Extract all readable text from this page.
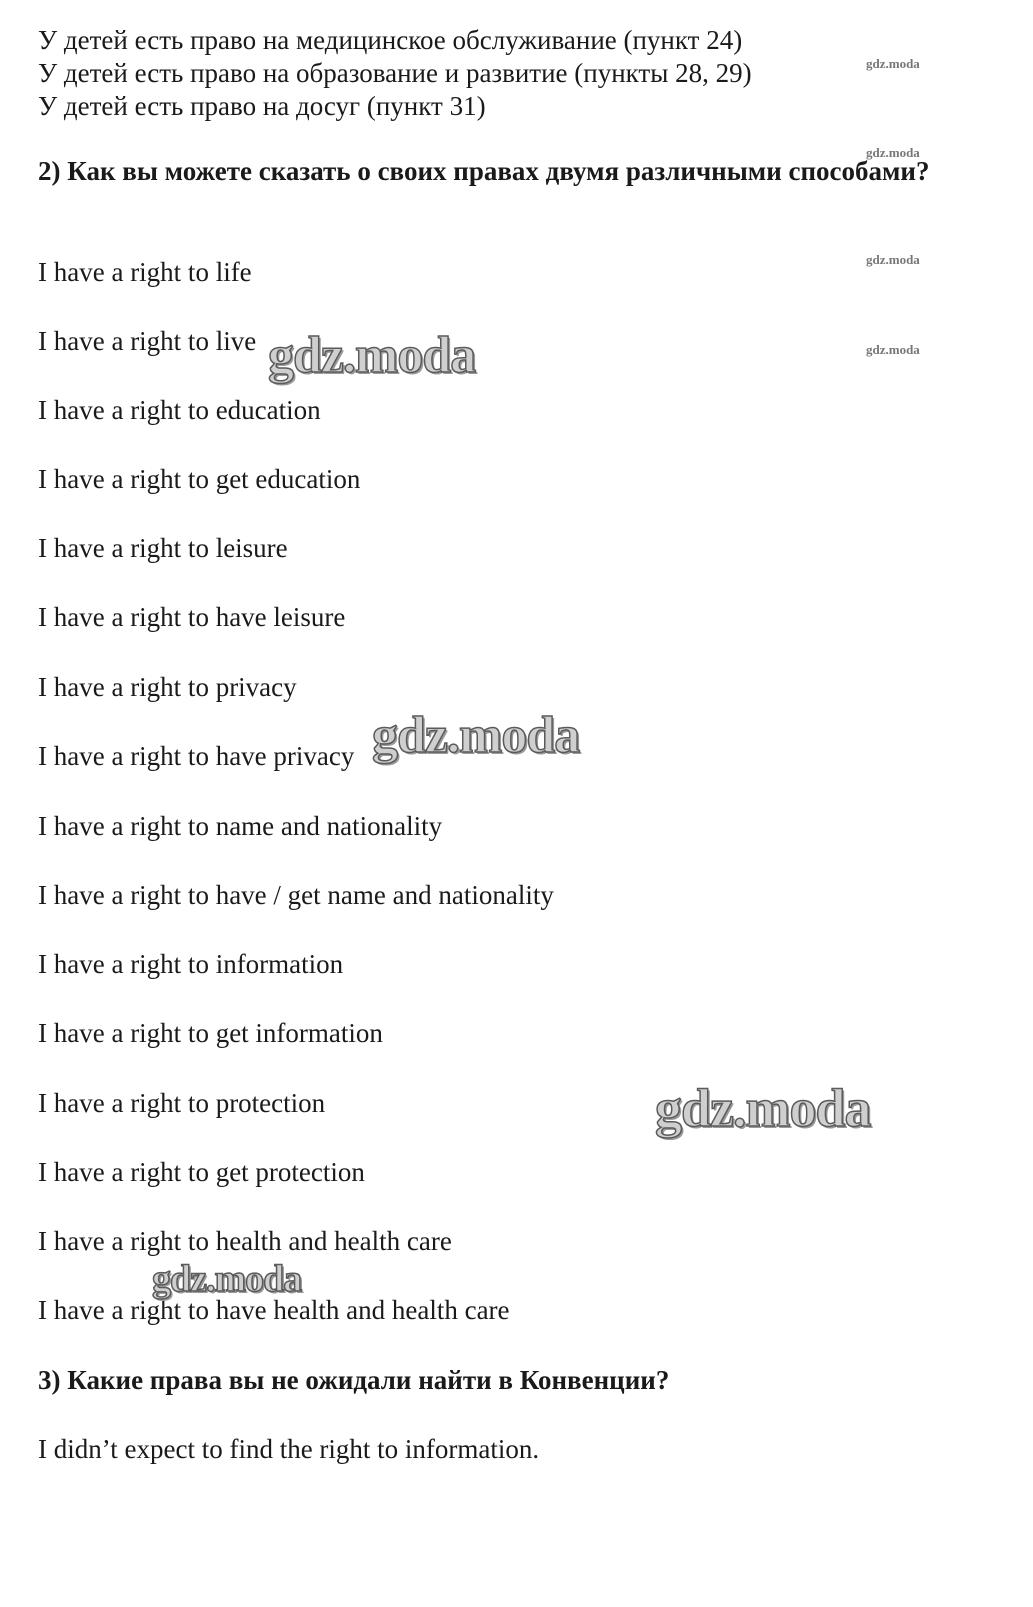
У детей есть право на медицинское обслуживание (пункт 24)
У детей есть право на образование и развитие (пункты 28, 29)
У детей есть право на досуг (пункт 31)
2) Как вы можете сказать о своих правах двумя различными способами?
I have a right to life
I have a right to live
I have a right to education
I have a right to get education
I have a right to leisure
I have a right to have leisure
I have a right to privacy
I have a right to have privacy
I have a right to name and nationality
I have a right to have / get name and nationality
I have a right to information
I have a right to get information
I have a right to protection
I have a right to get protection
I have a right to health and health care
I have a right to have health and health care
3) Какие права вы не ожидали найти в Конвенции?
I didn’t expect to find the right to information.
gdz.moda
gdz.moda
gdz.moda
gdz.moda
gdz.moda
gdz.moda
gdz.moda
gdz.moda
